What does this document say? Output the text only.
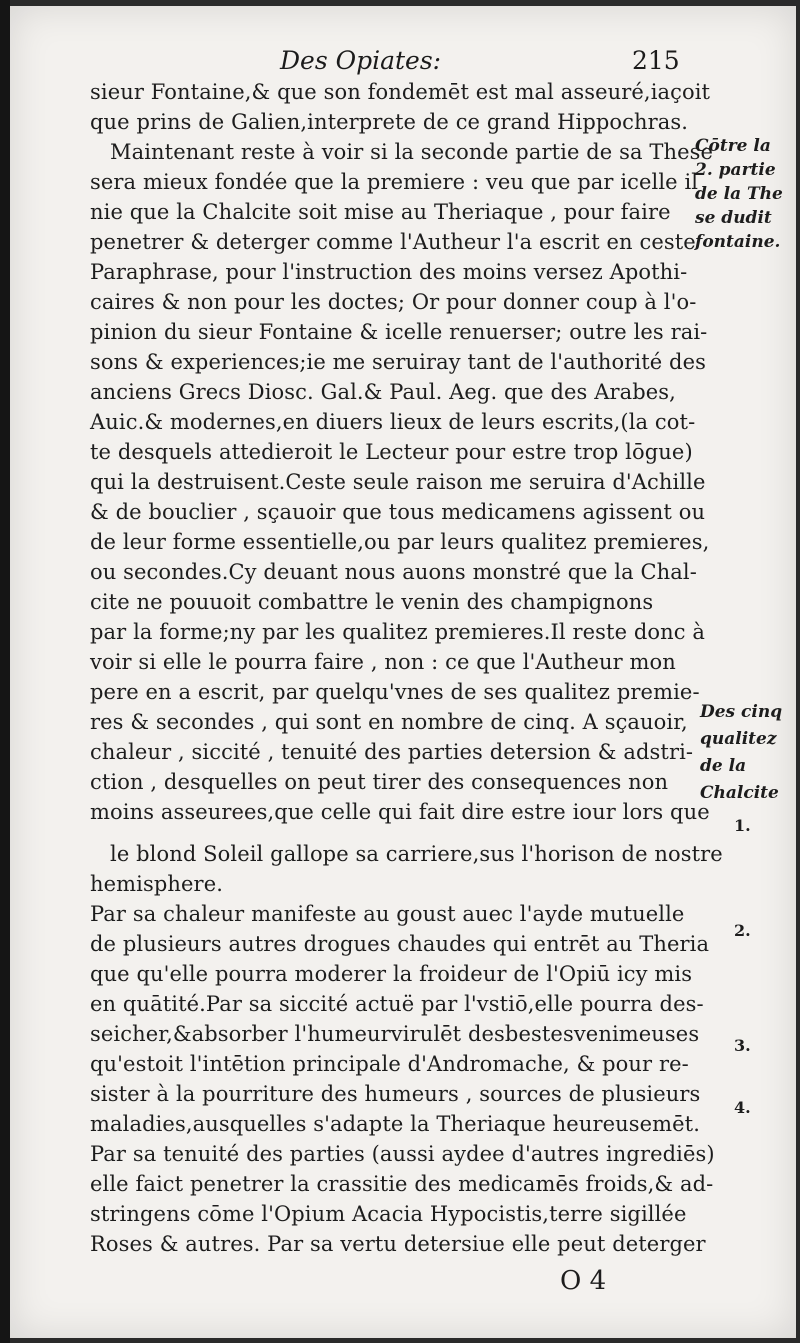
Des Opiates:	215
sieur Fontaine,& que son fondemēt est mal asseuré,iaçoit
que prins de Galien,interprete de ce grand Hippochras.
Maintenant reste à voir si la seconde partie de sa These
sera mieux fondée que la premiere : veu que par icelle il
nie que la Chalcite soit mise au Theriaque , pour faire
penetrer & deterger comme l'Autheur l'a escrit en ceste
Paraphrase, pour l'instruction des moins versez Apothi-
caires & non pour les doctes; Or pour donner coup à l'o-
pinion du sieur Fontaine & icelle renuerser; outre les rai-
sons & experiences;ie me seruiray tant de l'authorité des
anciens Grecs Diosc. Gal.& Paul. Aeg. que des Arabes,
Auic.& modernes,en diuers lieux de leurs escrits,(la cot-
te desquels attedieroit le Lecteur pour estre trop lōgue)
qui la destruisent.Ceste seule raison me seruira d'Achille
& de bouclier , sçauoir que tous medicamens agissent ou
de leur forme essentielle,ou par leurs qualitez premieres,
ou secondes.Cy deuant nous auons monstré que la Chal-
cite ne pouuoit combattre le venin des champignons
par la forme;ny par les qualitez premieres.Il reste donc à
voir si elle le pourra faire , non : ce que l'Autheur mon
pere en a escrit, par quelqu'vnes de ses qualitez premie-
res & secondes , qui sont en nombre de cinq. A sçauoir,
chaleur , siccité , tenuité des parties detersion & adstri-
ction , desquelles on peut tirer des consequences non
moins asseurees,que celle qui fait dire estre iour lors que
le blond Soleil gallope sa carriere,sus l'horison de nostre
hemisphere.
Par sa chaleur manifeste au goust auec l'ayde mutuelle
de plusieurs autres drogues chaudes qui entrēt au Theria
que qu'elle pourra moderer la froideur de l'Opiū icy mis
en quātité.Par sa siccité actuë par l'vstiō,elle pourra des-
seicher,&absorber l'humeurvirulēt desbestesvenimeuses
qu'estoit l'intētion principale d'Andromache, & pour re-
sister à la pourriture des humeurs , sources de plusieurs
maladies,ausquelles s'adapte la Theriaque heureusemēt.
Par sa tenuité des parties (aussi aydee d'autres ingrediēs)
elle faict penetrer la crassitie des medicamēs froids,& ad-
stringens cōme l'Opium Acacia Hypocistis,terre sigillée
Roses & autres. Par sa vertu detersiue elle peut deterger
Cōtre la
2. partie
de la The
se dudit
fontaine.
Des cinq
qualitez
de la
Chalcite
1.
2.
3.
4.
O 4
